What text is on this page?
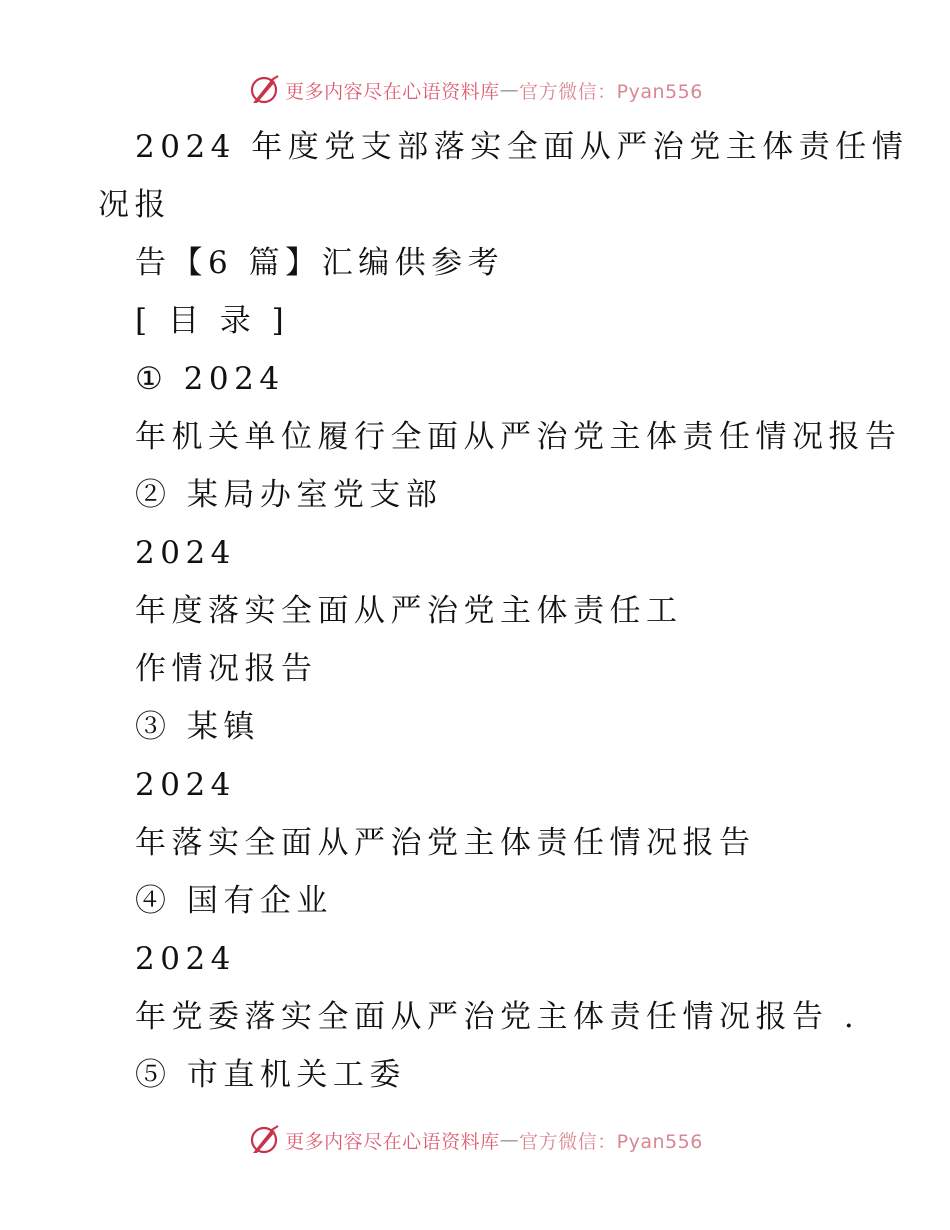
更多内容尽在心语资料库 — 官方微信：Pyan556
2024 年度党支部落实全面从严治党主体责任情
况报
告【6 篇】汇编供参考
[ 目 录 ]
① 2024
年机关单位履行全面从严治党主体责任情况报告
② 某局办室党支部
2024
年度落实全面从严治党主体责任工
作情况报告
③ 某镇
2024
年落实全面从严治党主体责任情况报告
④ 国有企业
2024
年党委落实全面从严治党主体责任情况报告 .
⑤ 市直机关工委
更多内容尽在心语资料库 — 官方微信：Pyan556
